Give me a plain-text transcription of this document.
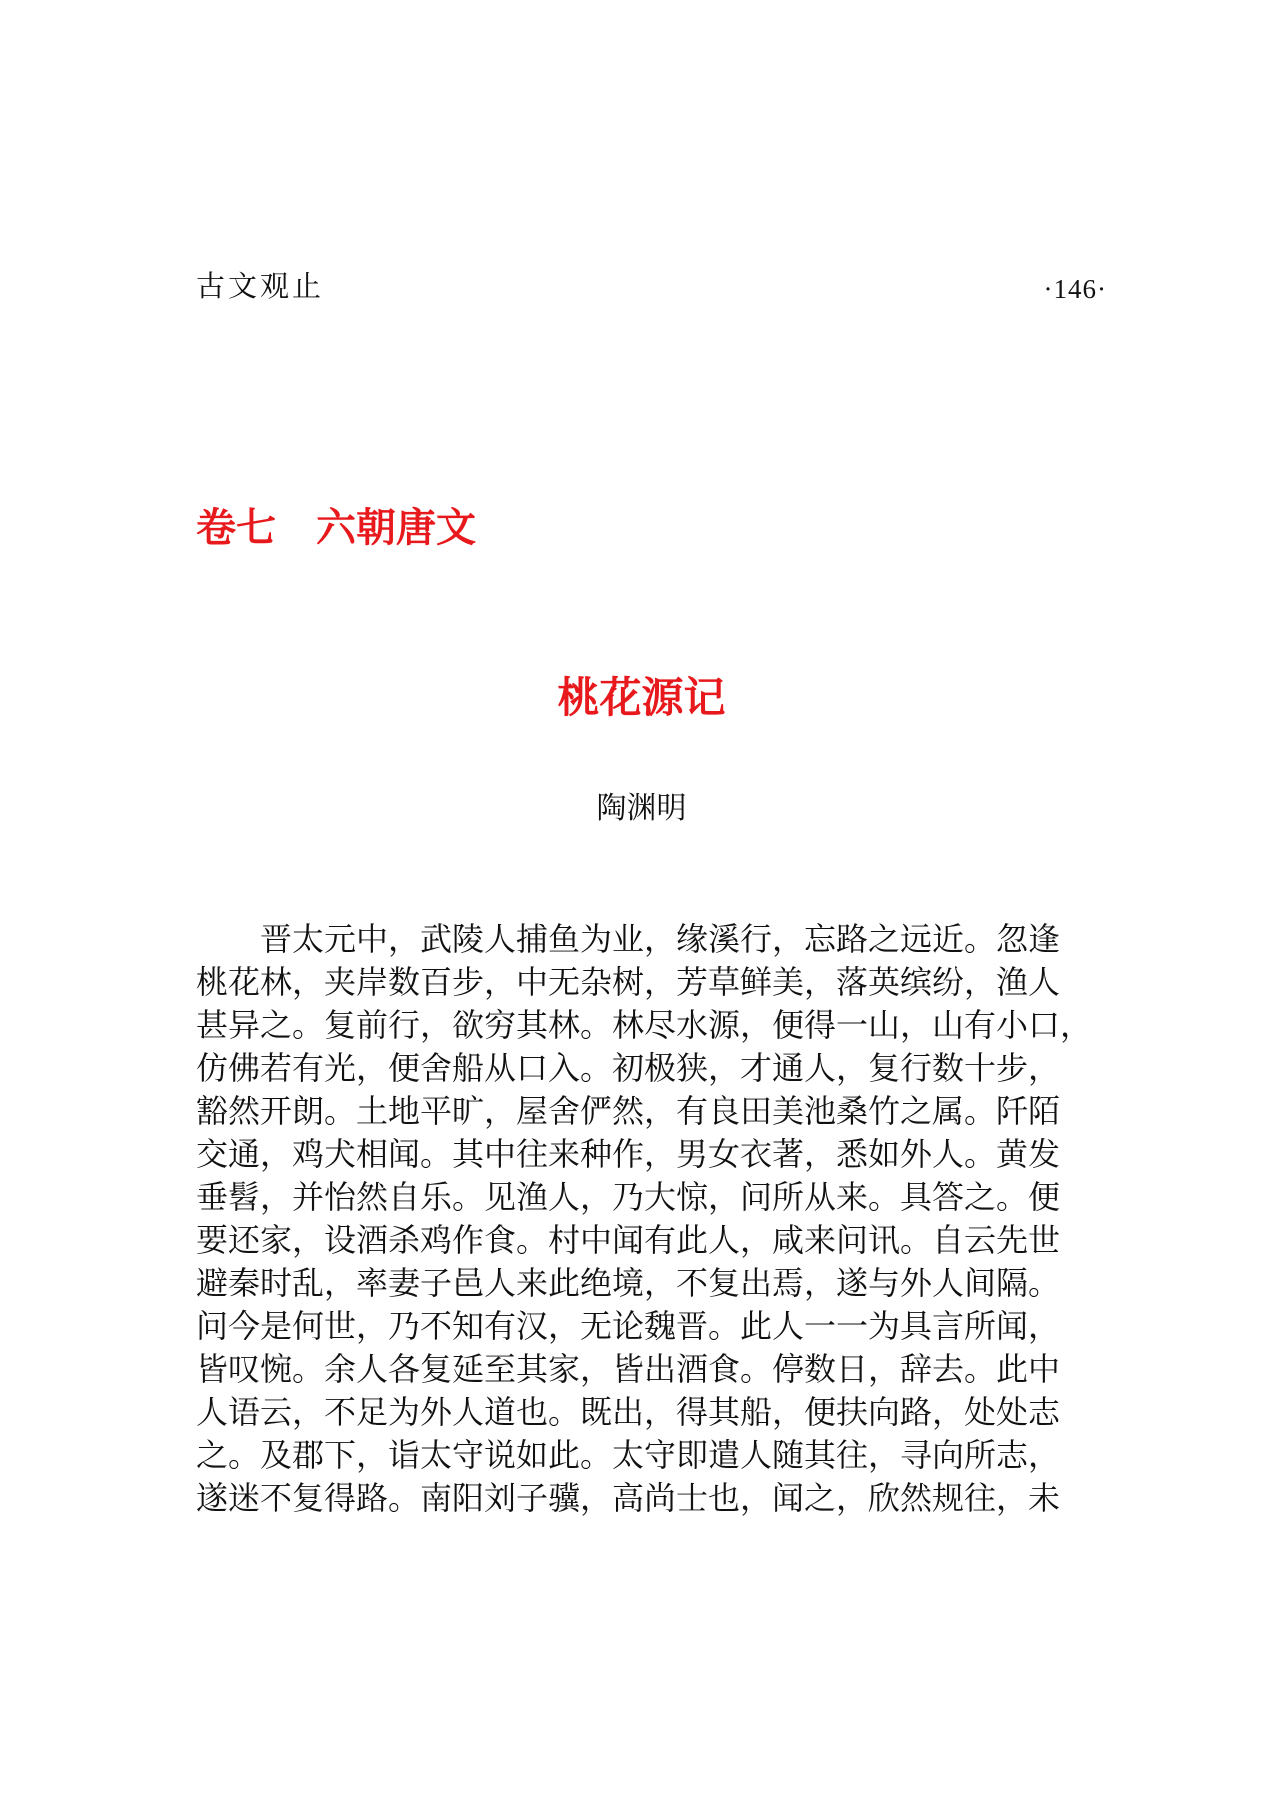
古文观止	·146·
卷七　六朝唐文
桃花源记
陶渊明
晋太元中，武陵人捕鱼为业，缘溪行，忘路之远近。忽逢
桃花林，夹岸数百步，中无杂树，芳草鲜美，落英缤纷，渔人
甚异之。复前行，欲穷其林。林尽水源，便得一山，山有小口，
仿佛若有光，便舍船从口入。初极狭，才通人，复行数十步，
豁然开朗。土地平旷，屋舍俨然，有良田美池桑竹之属。阡陌
交通，鸡犬相闻。其中往来种作，男女衣著，悉如外人。黄发
垂髫，并怡然自乐。见渔人，乃大惊，问所从来。具答之。便
要还家，设酒杀鸡作食。村中闻有此人，咸来问讯。自云先世
避秦时乱，率妻子邑人来此绝境，不复出焉，遂与外人间隔。
问今是何世，乃不知有汉，无论魏晋。此人一一为具言所闻，
皆叹惋。余人各复延至其家，皆出酒食。停数日，辞去。此中
人语云，不足为外人道也。既出，得其船，便扶向路，处处志
之。及郡下，诣太守说如此。太守即遣人随其往，寻向所志，
遂迷不复得路。南阳刘子骥，高尚士也，闻之，欣然规往，未
